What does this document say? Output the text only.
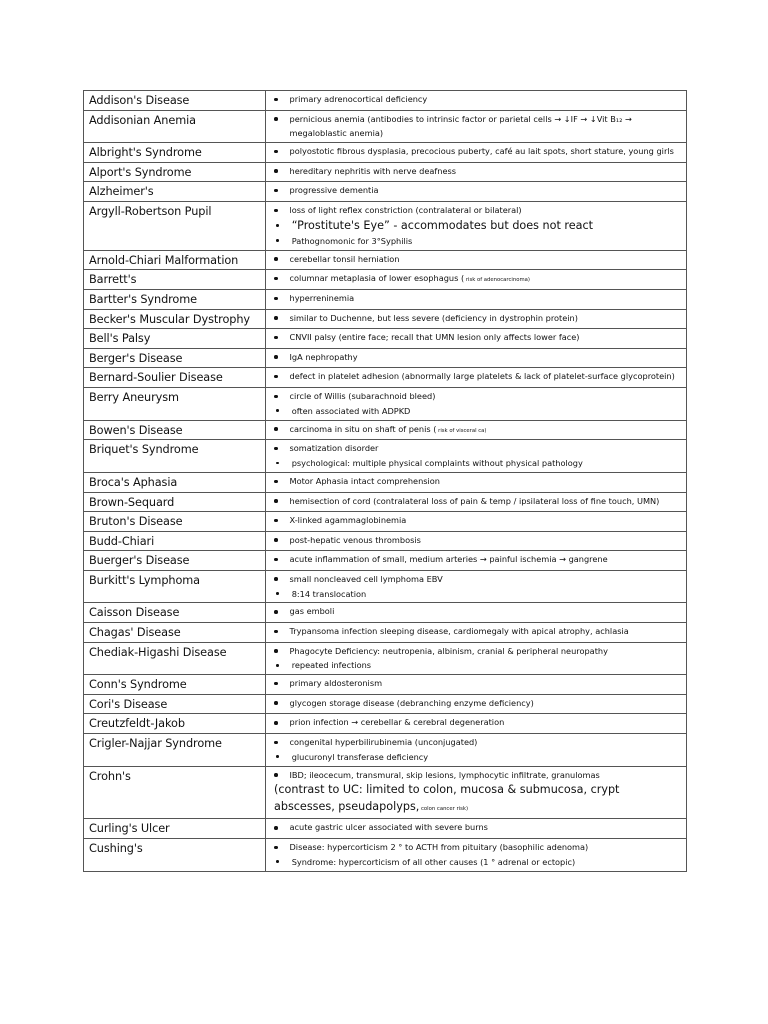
Addison's Disease	primary adrenocortical deficiency

Addisonian Anemia	pernicious anemia (antibodies to intrinsic factor or parietal cells → ↓IF → ↓Vit B₁₂ → megaloblastic anemia)

Albright's Syndrome	polyostotic fibrous dysplasia, precocious puberty, café au lait spots, short stature, young girls

Alport's Syndrome	hereditary nephritis with nerve deafness

Alzheimer's	progressive dementia

Argyll-Robertson Pupil	loss of light reflex constriction (contralateral or bilateral)
“Prostitute's Eye” - accommodates but does not react
Pathognomonic for 3°Syphilis

Arnold-Chiari Malformation	cerebellar tonsil herniation

Barrett's	columnar metaplasia of lower esophagus ( risk of adenocarcinoma)

Bartter's Syndrome	hyperreninemia

Becker's Muscular Dystrophy	similar to Duchenne, but less severe (deficiency in dystrophin protein)

Bell's Palsy	CNVII palsy (entire face; recall that UMN lesion only affects lower face)

Berger's Disease	IgA nephropathy

Bernard-Soulier Disease	defect in platelet adhesion (abnormally large platelets & lack of platelet-surface glycoprotein)

Berry Aneurysm	circle of Willis (subarachnoid bleed)
often associated with ADPKD

Bowen's Disease	carcinoma in situ on shaft of penis ( risk of visceral ca)

Briquet's Syndrome	somatization disorder
psychological: multiple physical complaints without physical pathology

Broca's Aphasia	Motor Aphasia intact comprehension

Brown-Sequard	hemisection of cord (contralateral loss of pain & temp / ipsilateral loss of fine touch, UMN)

Bruton's Disease	X-linked agammaglobinemia

Budd-Chiari	post-hepatic venous thrombosis

Buerger's Disease	acute inflammation of small, medium arteries → painful ischemia → gangrene

Burkitt's Lymphoma	small noncleaved cell lymphoma EBV
8:14 translocation

Caisson Disease	gas emboli

Chagas' Disease	Trypansoma infection sleeping disease, cardiomegaly with apical atrophy, achlasia

Chediak-Higashi Disease	Phagocyte Deficiency: neutropenia, albinism, cranial & peripheral neuropathy
repeated infections

Conn's Syndrome	primary aldosteronism

Cori's Disease	glycogen storage disease (debranching enzyme deficiency)

Creutzfeldt-Jakob	prion infection → cerebellar & cerebral degeneration

Crigler-Najjar Syndrome	congenital hyperbilirubinemia (unconjugated)
glucuronyl transferase deficiency

Crohn's	IBD; ileocecum, transmural, skip lesions, lymphocytic infiltrate, granulomas
(contrast to UC: limited to colon, mucosa & submucosa, crypt abscesses, pseudapolyps, colon cancer risk)

Curling's Ulcer	acute gastric ulcer associated with severe burns

Cushing's	Disease: hypercorticism 2 ° to ACTH from pituitary (basophilic adenoma)
Syndrome: hypercorticism of all other causes (1 ° adrenal or ectopic)
